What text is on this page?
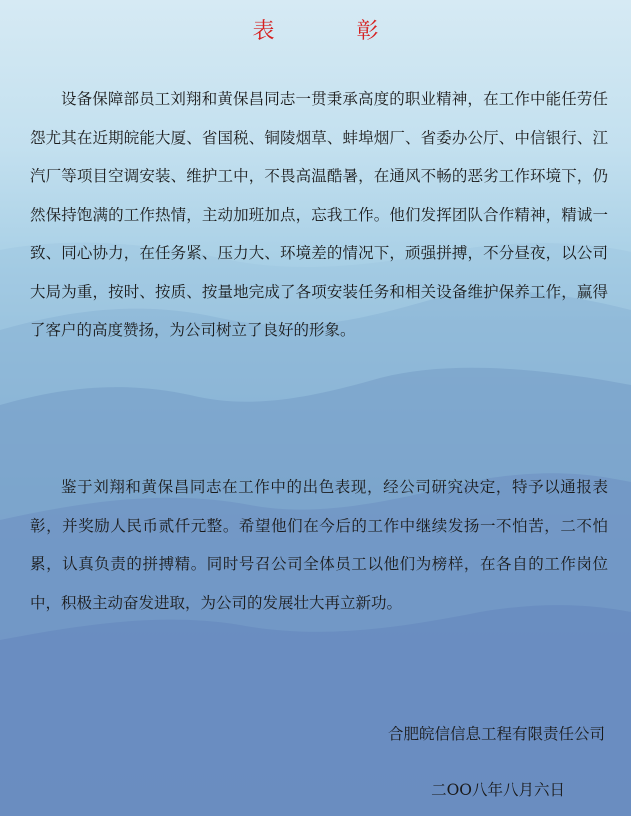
表彰

设备保障部员工刘翔和黄保昌同志一贯秉承高度的职业精神，在工作中能任劳任怨尤其在近期皖能大厦、省国税、铜陵烟草、蚌埠烟厂、省委办公厅、中信银行、江汽厂等项目空调安装、维护工中，不畏高温酷暑，在通风不畅的恶劣工作环境下，仍然保持饱满的工作热情，主动加班加点，忘我工作。他们发挥团队合作精神，精诚一致、同心协力，在任务紧、压力大、环境差的情况下，顽强拼搏，不分昼夜，以公司大局为重，按时、按质、按量地完成了各项安装任务和相关设备维护保养工作，赢得了客户的高度赞扬，为公司树立了良好的形象。

鉴于刘翔和黄保昌同志在工作中的出色表现，经公司研究决定，特予以通报表彰，并奖励人民币贰仟元整。希望他们在今后的工作中继续发扬一不怕苦，二不怕累，认真负责的拼搏精。同时号召公司全体员工以他们为榜样，在各自的工作岗位中，积极主动奋发进取，为公司的发展壮大再立新功。

合肥皖信信息工程有限责任公司
二OO八年八月六日
